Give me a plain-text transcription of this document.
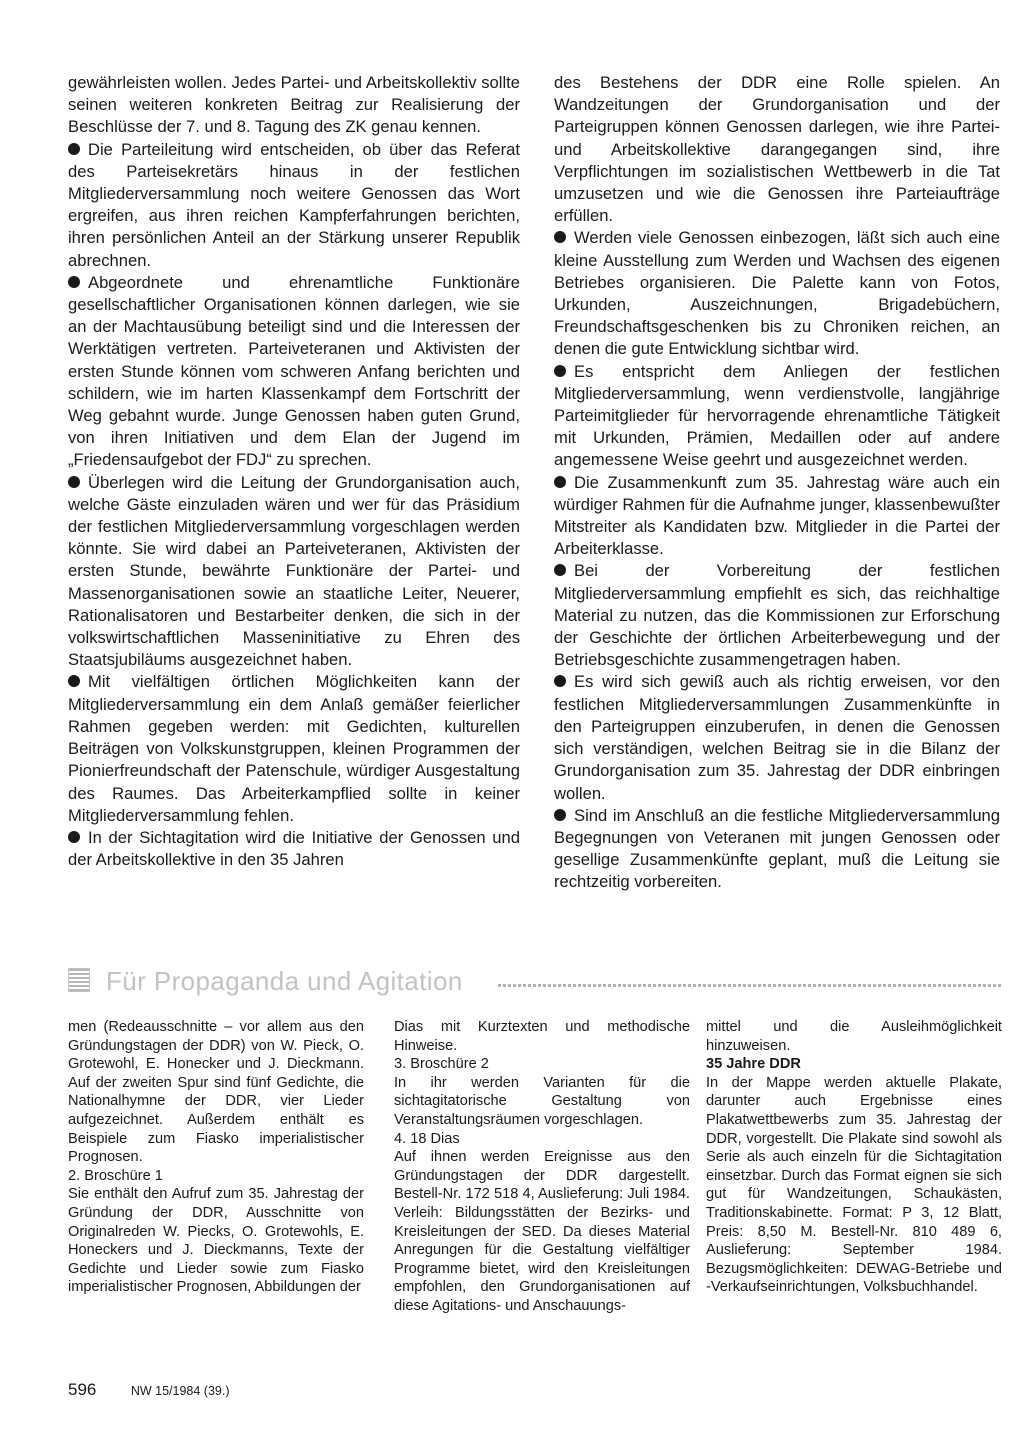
gewährleisten wollen. Jedes Partei- und Arbeitskollektiv sollte seinen weiteren konkreten Beitrag zur Realisierung der Beschlüsse der 7. und 8. Tagung des ZK genau kennen.

Die Parteileitung wird entscheiden, ob über das Referat des Parteisekretärs hinaus in der festlichen Mitgliederversammlung noch weitere Genossen das Wort ergreifen, aus ihren reichen Kampferfahrungen berichten, ihren persönlichen Anteil an der Stärkung unserer Republik abrechnen.

Abgeordnete und ehrenamtliche Funktionäre gesellschaftlicher Organisationen können darlegen, wie sie an der Machtausübung beteiligt sind und die Interessen der Werktätigen vertreten. Parteiveteranen und Aktivisten der ersten Stunde können vom schweren Anfang berichten und schildern, wie im harten Klassenkampf dem Fortschritt der Weg gebahnt wurde. Junge Genossen haben guten Grund, von ihren Initiativen und dem Elan der Jugend im „Friedensaufgebot der FDJ“ zu sprechen.

Überlegen wird die Leitung der Grundorganisation auch, welche Gäste einzuladen wären und wer für das Präsidium der festlichen Mitgliederversammlung vorgeschlagen werden könnte. Sie wird dabei an Parteiveteranen, Aktivisten der ersten Stunde, bewährte Funktionäre der Partei- und Massenorganisationen sowie an staatliche Leiter, Neuerer, Rationalisatoren und Bestarbeiter denken, die sich in der volkswirtschaftlichen Masseninitiative zu Ehren des Staatsjubiläums ausgezeichnet haben.

Mit vielfältigen örtlichen Möglichkeiten kann der Mitgliederversammlung ein dem Anlaß gemäßer feierlicher Rahmen gegeben werden: mit Gedichten, kulturellen Beiträgen von Volkskunstgruppen, kleinen Programmen der Pionierfreundschaft der Patenschule, würdiger Ausgestaltung des Raumes. Das Arbeiterkampflied sollte in keiner Mitgliederversammlung fehlen.

In der Sichtagitation wird die Initiative der Genossen und der Arbeitskollektive in den 35 Jahren

des Bestehens der DDR eine Rolle spielen. An Wandzeitungen der Grundorganisation und der Parteigruppen können Genossen darlegen, wie ihre Partei- und Arbeitskollektive darangegangen sind, ihre Verpflichtungen im sozialistischen Wettbewerb in die Tat umzusetzen und wie die Genossen ihre Parteiaufträge erfüllen.

Werden viele Genossen einbezogen, läßt sich auch eine kleine Ausstellung zum Werden und Wachsen des eigenen Betriebes organisieren. Die Palette kann von Fotos, Urkunden, Auszeichnungen, Brigadebüchern, Freundschaftsgeschenken bis zu Chroniken reichen, an denen die gute Entwicklung sichtbar wird.

Es entspricht dem Anliegen der festlichen Mitgliederversammlung, wenn verdienstvolle, langjährige Parteimitglieder für hervorragende ehrenamtliche Tätigkeit mit Urkunden, Prämien, Medaillen oder auf andere angemessene Weise geehrt und ausgezeichnet werden.

Die Zusammenkunft zum 35. Jahrestag wäre auch ein würdiger Rahmen für die Aufnahme junger, klassenbewußter Mitstreiter als Kandidaten bzw. Mitglieder in die Partei der Arbeiterklasse.

Bei der Vorbereitung der festlichen Mitgliederversammlung empfiehlt es sich, das reichhaltige Material zu nutzen, das die Kommissionen zur Erforschung der Geschichte der örtlichen Arbeiterbewegung und der Betriebsgeschichte zusammengetragen haben.

Es wird sich gewiß auch als richtig erweisen, vor den festlichen Mitgliederversammlungen Zusammenkünfte in den Parteigruppen einzuberufen, in denen die Genossen sich verständigen, welchen Beitrag sie in die Bilanz der Grundorganisation zum 35. Jahrestag der DDR einbringen wollen.

Sind im Anschluß an die festliche Mitgliederversammlung Begegnungen von Veteranen mit jungen Genossen oder gesellige Zusammenkünfte geplant, muß die Leitung sie rechtzeitig vorbereiten.

Für Propaganda und Agitation

men (Redeausschnitte – vor allem aus den Gründungstagen der DDR) von W. Pieck, O. Grotewohl, E. Honecker und J. Dieckmann. Auf der zweiten Spur sind fünf Gedichte, die Nationalhymne der DDR, vier Lieder aufgezeichnet. Außerdem enthält es Beispiele zum Fiasko imperialistischer Prognosen.

2. Broschüre 1

Sie enthält den Aufruf zum 35. Jahrestag der Gründung der DDR, Ausschnitte von Originalreden W. Piecks, O. Grotewohls, E. Honeckers und J. Dieckmanns, Texte der Gedichte und Lieder sowie zum Fiasko imperialistischer Prognosen, Abbildungen der

Dias mit Kurztexten und methodische Hinweise.

3. Broschüre 2

In ihr werden Varianten für die sichtagitatorische Gestaltung von Veranstaltungsräumen vorgeschlagen.

4. 18 Dias

Auf ihnen werden Ereignisse aus den Gründungstagen der DDR dargestellt. Bestell-Nr. 172 518 4, Auslieferung: Juli 1984. Verleih: Bildungsstätten der Bezirks- und Kreisleitungen der SED. Da dieses Material Anregungen für die Gestaltung vielfältiger Programme bietet, wird den Kreisleitungen empfohlen, den Grundorganisationen auf diese Agitations- und Anschauungs-

mittel und die Ausleihmöglichkeit hinzuweisen.

35 Jahre DDR

In der Mappe werden aktuelle Plakate, darunter auch Ergebnisse eines Plakatwettbewerbs zum 35. Jahrestag der DDR, vorgestellt. Die Plakate sind sowohl als Serie als auch einzeln für die Sichtagitation einsetzbar. Durch das Format eignen sie sich gut für Wandzeitungen, Schaukästen, Traditionskabinette. Format: P 3, 12 Blatt, Preis: 8,50 M. Bestell-Nr. 810 489 6, Auslieferung: September 1984. Bezugsmöglichkeiten: DEWAG-Betriebe und -Verkaufseinrichtungen, Volksbuchhandel.

596	NW 15/1984 (39.)
